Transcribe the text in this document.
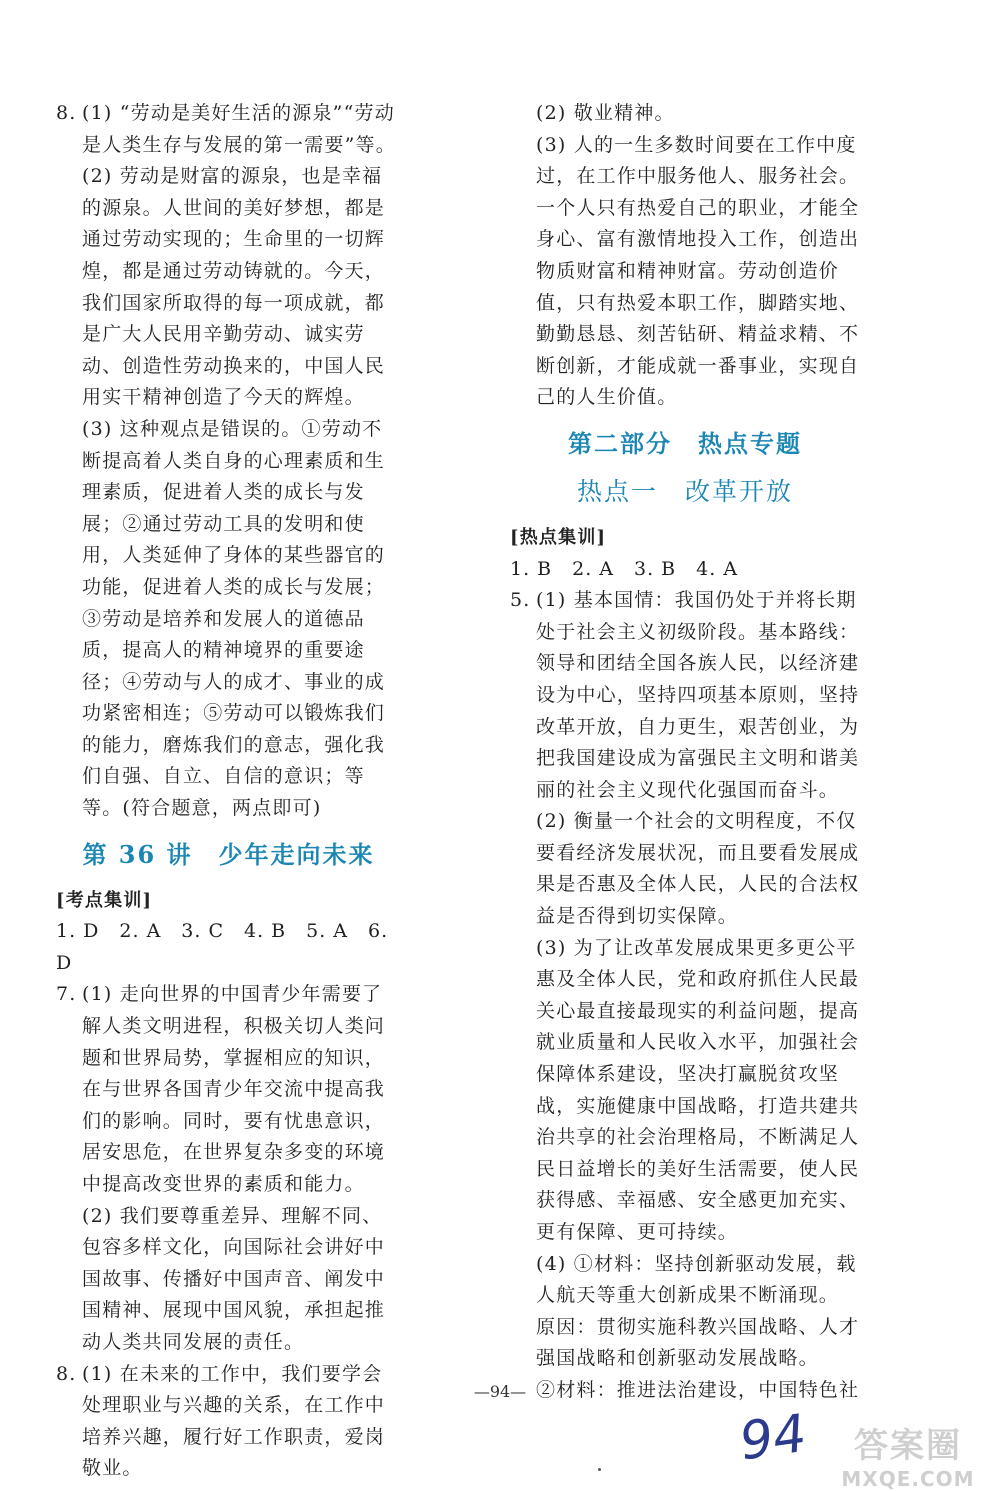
8. (1) “劳动是美好生活的源泉”“劳动是人类生存与发展的第一需要”等。
(2) 劳动是财富的源泉，也是幸福的源泉。人世间的美好梦想，都是通过劳动实现的；生命里的一切辉煌，都是通过劳动铸就的。今天，我们国家所取得的每一项成就，都是广大人民用辛勤劳动、诚实劳动、创造性劳动换来的，中国人民用实干精神创造了今天的辉煌。
(3) 这种观点是错误的。①劳动不断提高着人类自身的心理素质和生理素质，促进着人类的成长与发展；②通过劳动工具的发明和使用，人类延伸了身体的某些器官的功能，促进着人类的成长与发展；③劳动是培养和发展人的道德品质，提高人的精神境界的重要途径；④劳动与人的成才、事业的成功紧密相连；⑤劳动可以锻炼我们的能力，磨炼我们的意志，强化我们自强、自立、自信的意识；等等。(符合题意，两点即可)
第 36 讲　少年走向未来
[考点集训]
1. D　2. A　3. C　4. B　5. A　6. D
7. (1) 走向世界的中国青少年需要了解人类文明进程，积极关切人类问题和世界局势，掌握相应的知识，在与世界各国青少年交流中提高我们的影响。同时，要有忧患意识，居安思危，在世界复杂多变的环境中提高改变世界的素质和能力。
(2) 我们要尊重差异、理解不同、包容多样文化，向国际社会讲好中国故事、传播好中国声音、阐发中国精神、展现中国风貌，承担起推动人类共同发展的责任。
8. (1) 在未来的工作中，我们要学会处理职业与兴趣的关系，在工作中培养兴趣，履行好工作职责，爱岗敬业。
(2) 敬业精神。
(3) 人的一生多数时间要在工作中度过，在工作中服务他人、服务社会。一个人只有热爱自己的职业，才能全身心、富有激情地投入工作，创造出物质财富和精神财富。劳动创造价值，只有热爱本职工作，脚踏实地、勤勤恳恳、刻苦钻研、精益求精、不断创新，才能成就一番事业，实现自己的人生价值。
第二部分　热点专题
热点一　改革开放
[热点集训]
1. B　2. A　3. B　4. A
5. (1) 基本国情：我国仍处于并将长期处于社会主义初级阶段。基本路线：领导和团结全国各族人民，以经济建设为中心，坚持四项基本原则，坚持改革开放，自力更生，艰苦创业，为把我国建设成为富强民主文明和谐美丽的社会主义现代化强国而奋斗。
(2) 衡量一个社会的文明程度，不仅要看经济发展状况，而且要看发展成果是否惠及全体人民，人民的合法权益是否得到切实保障。
(3) 为了让改革发展成果更多更公平惠及全体人民，党和政府抓住人民最关心最直接最现实的利益问题，提高就业质量和人民收入水平，加强社会保障体系建设，坚决打赢脱贫攻坚战，实施健康中国战略，打造共建共治共享的社会治理格局，不断满足人民日益增长的美好生活需要，使人民获得感、幸福感、安全感更加充实、更有保障、更可持续。
(4) ①材料：坚持创新驱动发展，载人航天等重大创新成果不断涌现。
原因：贯彻实施科教兴国战略、人才强国战略和创新驱动发展战略。
②材料：推进法治建设，中国特色社
—94—
94	答案圈
MXQE.COM
